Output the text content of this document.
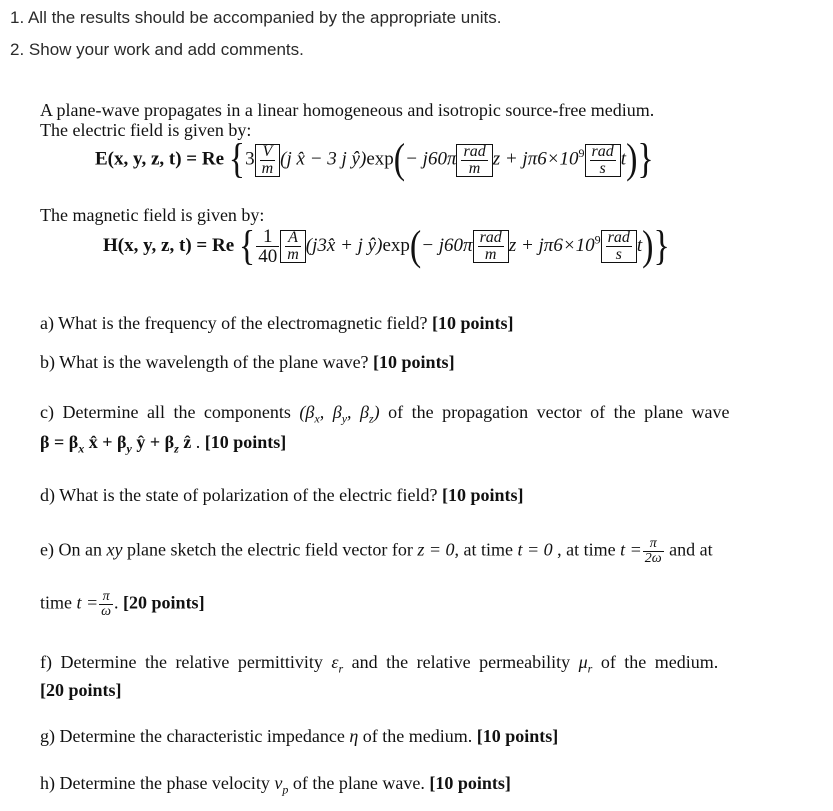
1. All the results should be accompanied by the appropriate units.
2. Show your work and add comments.
A plane-wave propagates in a linear homogeneous and isotropic source-free medium.
The electric field is given by:
E(x, y, z, t) = Re {$3 \frac{V}{m} (j$ x̂ − 3 j ŷ)exp(− $j60\pi \frac{\text{rad}}{m}$ $z + j\pi 6\times 10^9 \frac{\text{rad}}{s} t$)}
The magnetic field is given by:
H(x, y, z, t) = Re { $\frac{1}{40} \frac{A}{m}$ (j3x̂ + j ŷ)exp(− $j60\pi \frac{\text{rad}}{m}$ $z + j\pi 6\times 10^9 \frac{\text{rad}}{s} t$)}
a) What is the frequency of the electromagnetic field? [10 points]
b) What is the wavelength of the plane wave? [10 points]
c) Determine all the components ($\beta_x$, $\beta_y$, $\beta_z$) of the propagation vector of the plane wave
$\beta = \beta_x$ x̂ + $\beta_y$ ŷ + $\beta_z$ ẑ . [10 points]
d) What is the state of polarization of the electric field? [10 points]
e) On an xy plane sketch the electric field vector for z = 0, at time t = 0 , at time $t = \frac{\pi}{2\omega}$ and at
time $t = \frac{\pi}{\omega}$ . [20 points]
f) Determine the relative permittivity $\varepsilon_r$ and the relative permeability $\mu_r$ of the medium.
[20 points]
g) Determine the characteristic impedance η of the medium. [10 points]
h) Determine the phase velocity $v_p$ of the plane wave. [10 points]
